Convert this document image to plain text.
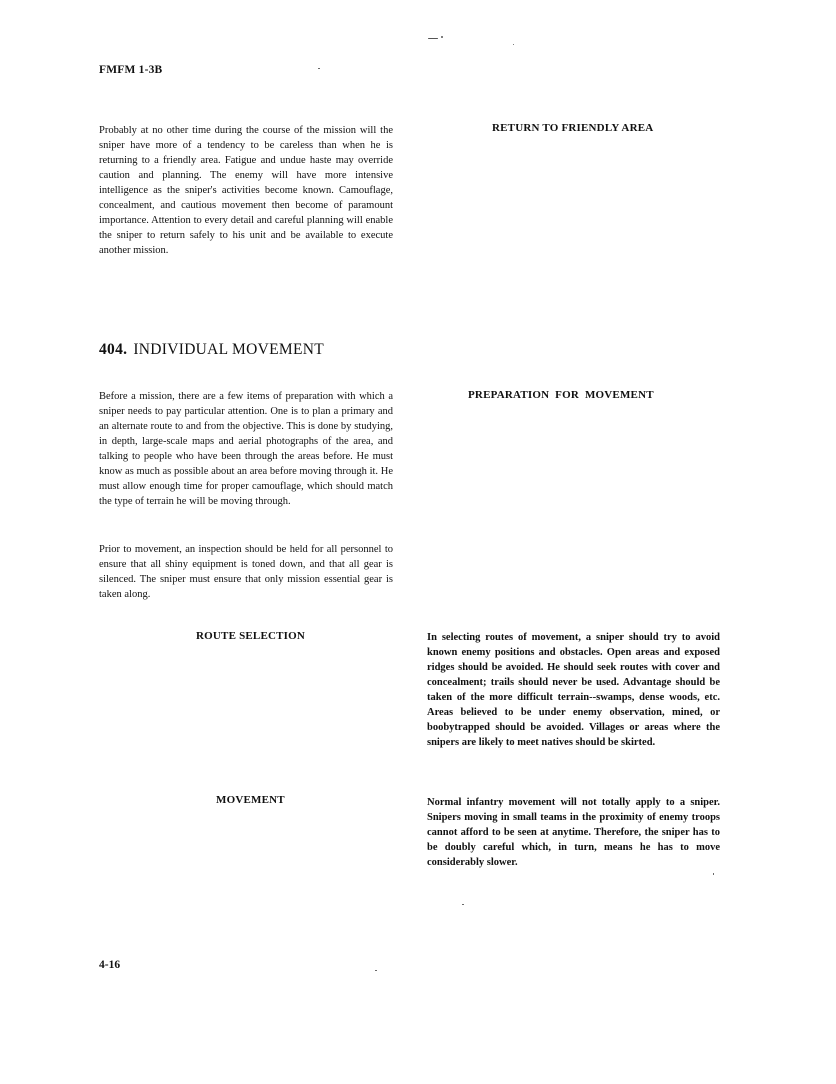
FMFM 1-3B
RETURN TO FRIENDLY AREA

Probably at no other time during the course of the mission will the sniper have more of a tendency to be careless than when he is returning to a friendly area. Fatigue and undue haste may override caution and planning. The enemy will have more intensive intelligence as the sniper's activities become known. Camouflage, concealment, and cautious movement then become of paramount importance. Attention to every detail and careful planning will enable the sniper to return safely to his unit and be available to execute another mission.

404. INDIVIDUAL MOVEMENT
PREPARATION FOR MOVEMENT

Before a mission, there are a few items of preparation with which a sniper needs to pay particular attention. One is to plan a primary and an alternate route to and from the objective. This is done by studying, in depth, large-scale maps and aerial photographs of the area, and talking to people who have been through the areas before. He must know as much as possible about an area before moving through it. He must allow enough time for proper camouflage, which should match the type of terrain he will be moving through.

Prior to movement, an inspection should be held for all personnel to ensure that all shiny equipment is toned down, and that all gear is silenced. The sniper must ensure that only mission essential gear is taken along.

ROUTE SELECTION	In selecting routes of movement, a sniper should try to avoid known enemy positions and obstacles. Open areas and exposed ridges should be avoided. He should seek routes with cover and concealment; trails should never be used. Advantage should be taken of the more difficult terrain--swamps, dense woods, etc. Areas believed to be under enemy observation, mined, or boobytrapped should be avoided. Villages or areas where the snipers are likely to meet natives should be skirted.

MOVEMENT	Normal infantry movement will not totally apply to a sniper. Snipers moving in small teams in the proximity of enemy troops cannot afford to be seen at anytime. Therefore, the sniper has to be doubly careful which, in turn, means he has to move considerably slower.

4-16
